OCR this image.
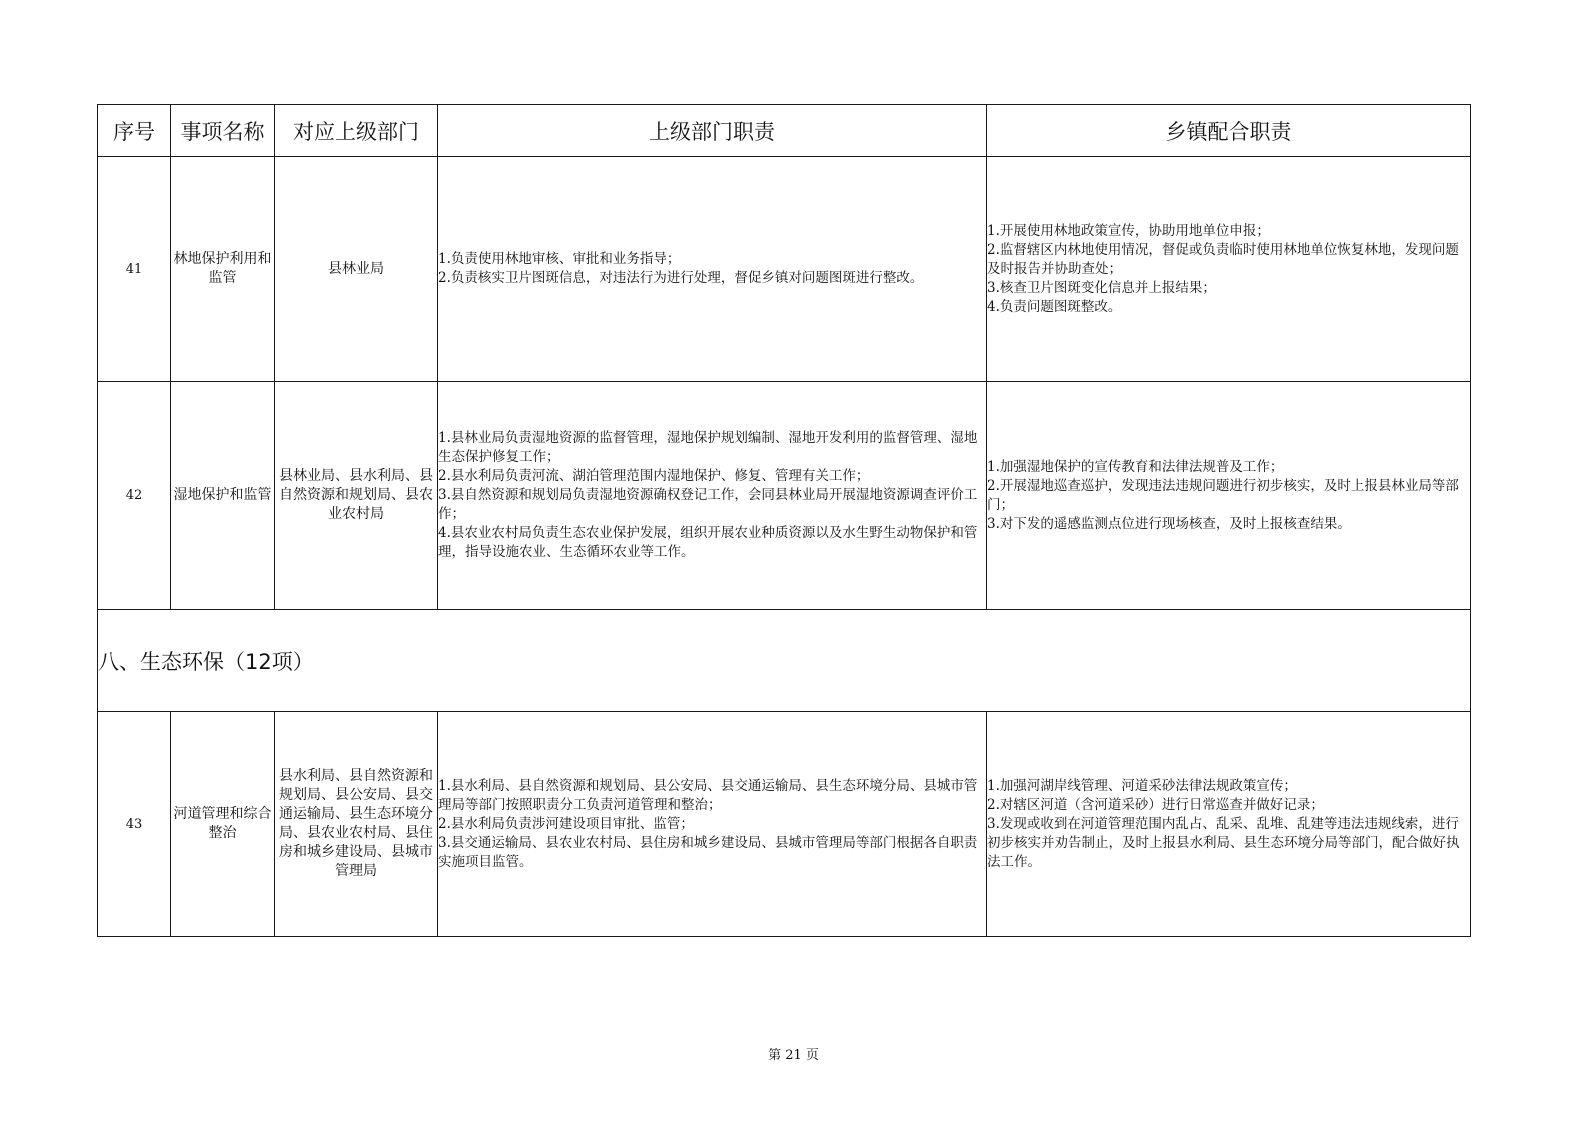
序号	事项名称	对应上级部门	上级部门职责	乡镇配合职责
41	林地保护利用和监管	县林业局	1.负责使用林地审核、审批和业务指导；
2.负责核实卫片图斑信息，对违法行为进行处理，督促乡镇对问题图斑进行整改。	1.开展使用林地政策宣传，协助用地单位申报；
2.监督辖区内林地使用情况，督促或负责临时使用林地单位恢复林地，发现问题及时报告并协助查处；
3.核查卫片图斑变化信息并上报结果；
4.负责问题图斑整改。

42	湿地保护和监管	县林业局、县水利局、县自然资源和规划局、县农业农村局	1.县林业局负责湿地资源的监督管理，湿地保护规划编制、湿地开发利用的监督管理、湿地生态保护修复工作；
2.县水利局负责河流、湖泊管理范围内湿地保护、修复、管理有关工作；
3.县自然资源和规划局负责湿地资源确权登记工作，会同县林业局开展湿地资源调查评价工作；
4.县农业农村局负责生态农业保护发展，组织开展农业种质资源以及水生野生动物保护和管理，指导设施农业、生态循环农业等工作。	1.加强湿地保护的宣传教育和法律法规普及工作；
2.开展湿地巡查巡护，发现违法违规问题进行初步核实，及时上报县林业局等部门；
3.对下发的遥感监测点位进行现场核查，及时上报核查结果。

八、生态环保（12项）				
43	河道管理和综合整治	县水利局、县自然资源和规划局、县公安局、县交通运输局、县生态环境分局、县农业农村局、县住房和城乡建设局、县城市管理局	1.县水利局、县自然资源和规划局、县公安局、县交通运输局、县生态环境分局、县城市管理局等部门按照职责分工负责河道管理和整治；
2.县水利局负责涉河建设项目审批、监管；
3.县交通运输局、县农业农村局、县住房和城乡建设局、县城市管理局等部门根据各自职责实施项目监管。	1.加强河湖岸线管理、河道采砂法律法规政策宣传；
2.对辖区河道（含河道采砂）进行日常巡查并做好记录；
3.发现或收到在河道管理范围内乱占、乱采、乱堆、乱建等违法违规线索，进行初步核实并劝告制止，及时上报县水利局、县生态环境分局等部门，配合做好执法工作。
第 21 页
